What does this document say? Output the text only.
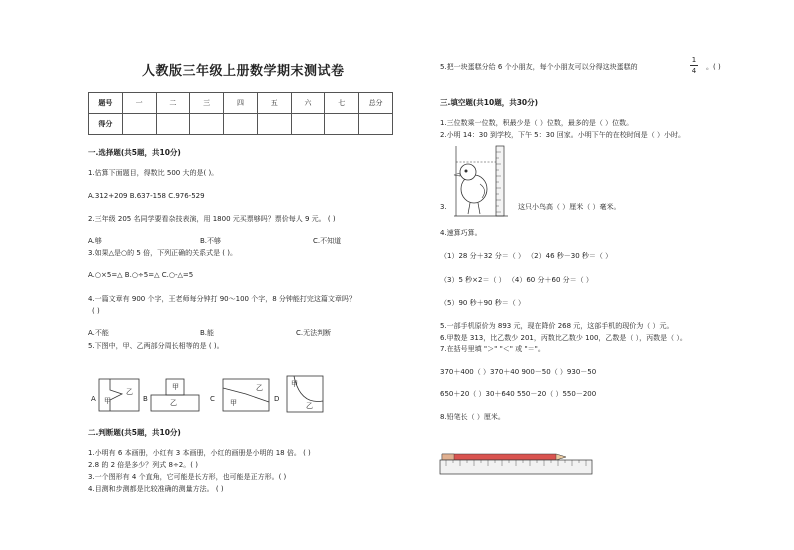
人教版三年级上册数学期末测试卷
题号	一	二	三	四	五	六	七	总分
得分								
一.选择题(共5题，共10分)
1.估算下面题目，得数比 500 大的是( )。
A.312+209 B.637-158 C.976-529
2.三年级 205 名同学要看杂技表演，用 1800 元买票够吗？票价每人 9 元。 ( )
A.够	B.不够	C.不知道
3.如果△是○的 5 倍，下列正确的关系式是 ( )。
A.○×5=△ B.○÷5=△ C.○-△=5
4.一篇文章有 900 个字，王老师每分钟打 90～100 个字，8 分钟能打完这篇文章吗？
( )
A.不能	B.能	C.无法判断
5.下图中，甲、乙两部分周长相等的是 ( )。
A 甲
乙
B
甲
乙	C 甲
乙
D
甲
乙
二.判断题(共5题，共10分)
1.小明有 6 本画册，小红有 3 本画册，小红的画册是小明的 18 倍。 ( )
2.8 的 2 倍是多少？列式 8÷2。( )
3.一个图形有 4 个直角，它可能是长方形，也可能是正方形。( )
4.目测和步测都是比较准确的测量方法。 ( )
5.把一块蛋糕分给 6 个小朋友，每个小朋友可以分得这块蛋糕的
1
4
。( )
三.填空题(共10题，共30分)
1.三位数乘一位数，积最少是（ ）位数，最多的是（ ）位数。
2.小明 14：30 到学校，下午 5：30 回家。小明下午的在校时间是（ ）小时。
3.	这只小鸟高（ ）厘米（ ）毫米。
4.速算巧算。
（1）28 分＋32 分＝（ ） （2）46 秒－30 秒＝（ ）
（3）5 秒×2＝（ ） （4）60 分＋60 分＝（ ）
（5）90 秒＋90 秒＝（ ）
5.一部手机原价为 893 元，现在降价 268 元，这部手机的现价为（ ）元。
6.甲数是 313，比乙数少 201，丙数比乙数少 100，乙数是（ ），丙数是（ ）。
7.在括号里填 "＞" "＜" 或 "＝"。
370＋400（ ）370＋40 900－50（ ）930－50
650＋20（ ）30＋640 550－20（ ）550－200
8.铅笔长（ ）厘米。
